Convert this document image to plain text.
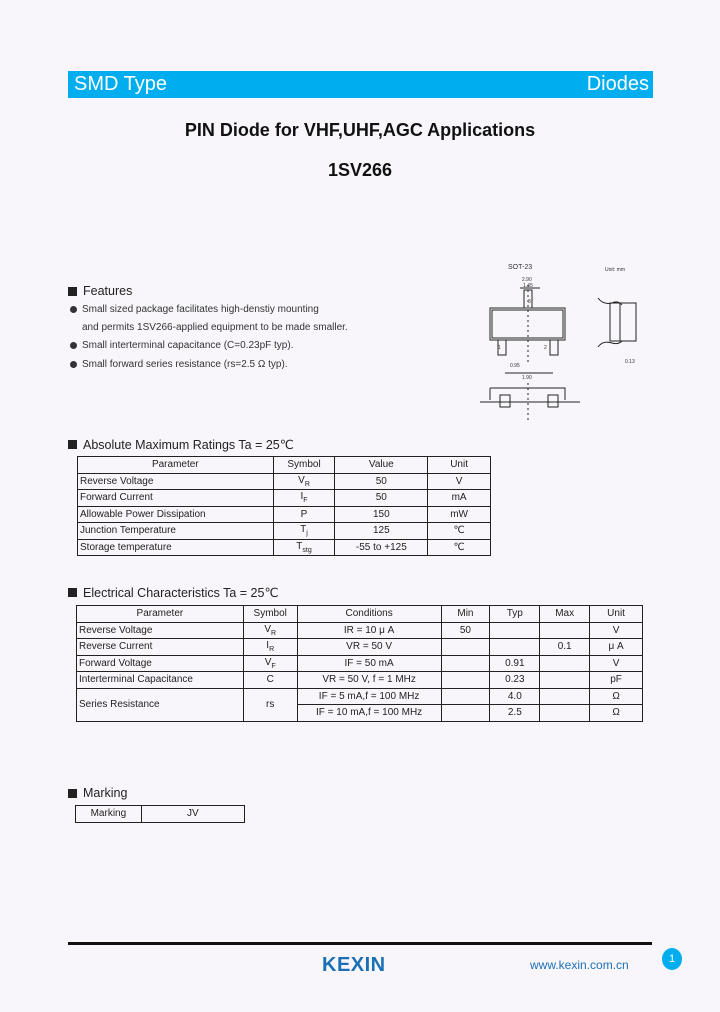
SMD Type	Diodes
PIN Diode for VHF,UHF,AGC Applications
1SV266
Features
Small sized package facilitates high-denstiy mounting
and permits 1SV266-applied equipment to be made smaller.
Small interterminal capacitance (C=0.23pF typ).
Small forward series resistance (rs=2.5 Ω typ).
SOT-23	Unit: mm
2.90
1.45
1.90
0.95
0.13
1	2
3
Absolute Maximum Ratings Ta = 25℃
Parameter	Symbol	Value	Unit
Reverse Voltage	$V_R$	50	V
Forward Current	$I_F$	50	mA
Allowable Power Dissipation	P	150	mW
Junction Temperature	$T_j$	125	℃
Storage temperature	$T_{stg}$	-55 to +125	℃
Electrical Characteristics Ta = 25℃
Parameter	Symbol	Conditions	Min	Typ	Max	Unit
Reverse Voltage	$V_R$	IR = 10 μ A	50			V
Reverse Current	$I_R$	VR = 50 V			0.1	μ A
Forward Voltage	$V_F$	IF = 50 mA		0.91		V
Interterminal Capacitance	C	VR = 50 V, f = 1 MHz		0.23		pF
Series Resistance	rs	IF = 5 mA,f = 100 MHz		4.0		Ω
		IF = 10 mA,f = 100 MHz		2.5		Ω
Marking
Marking	JV
KEXIN	www.kexin.com.cn	1
